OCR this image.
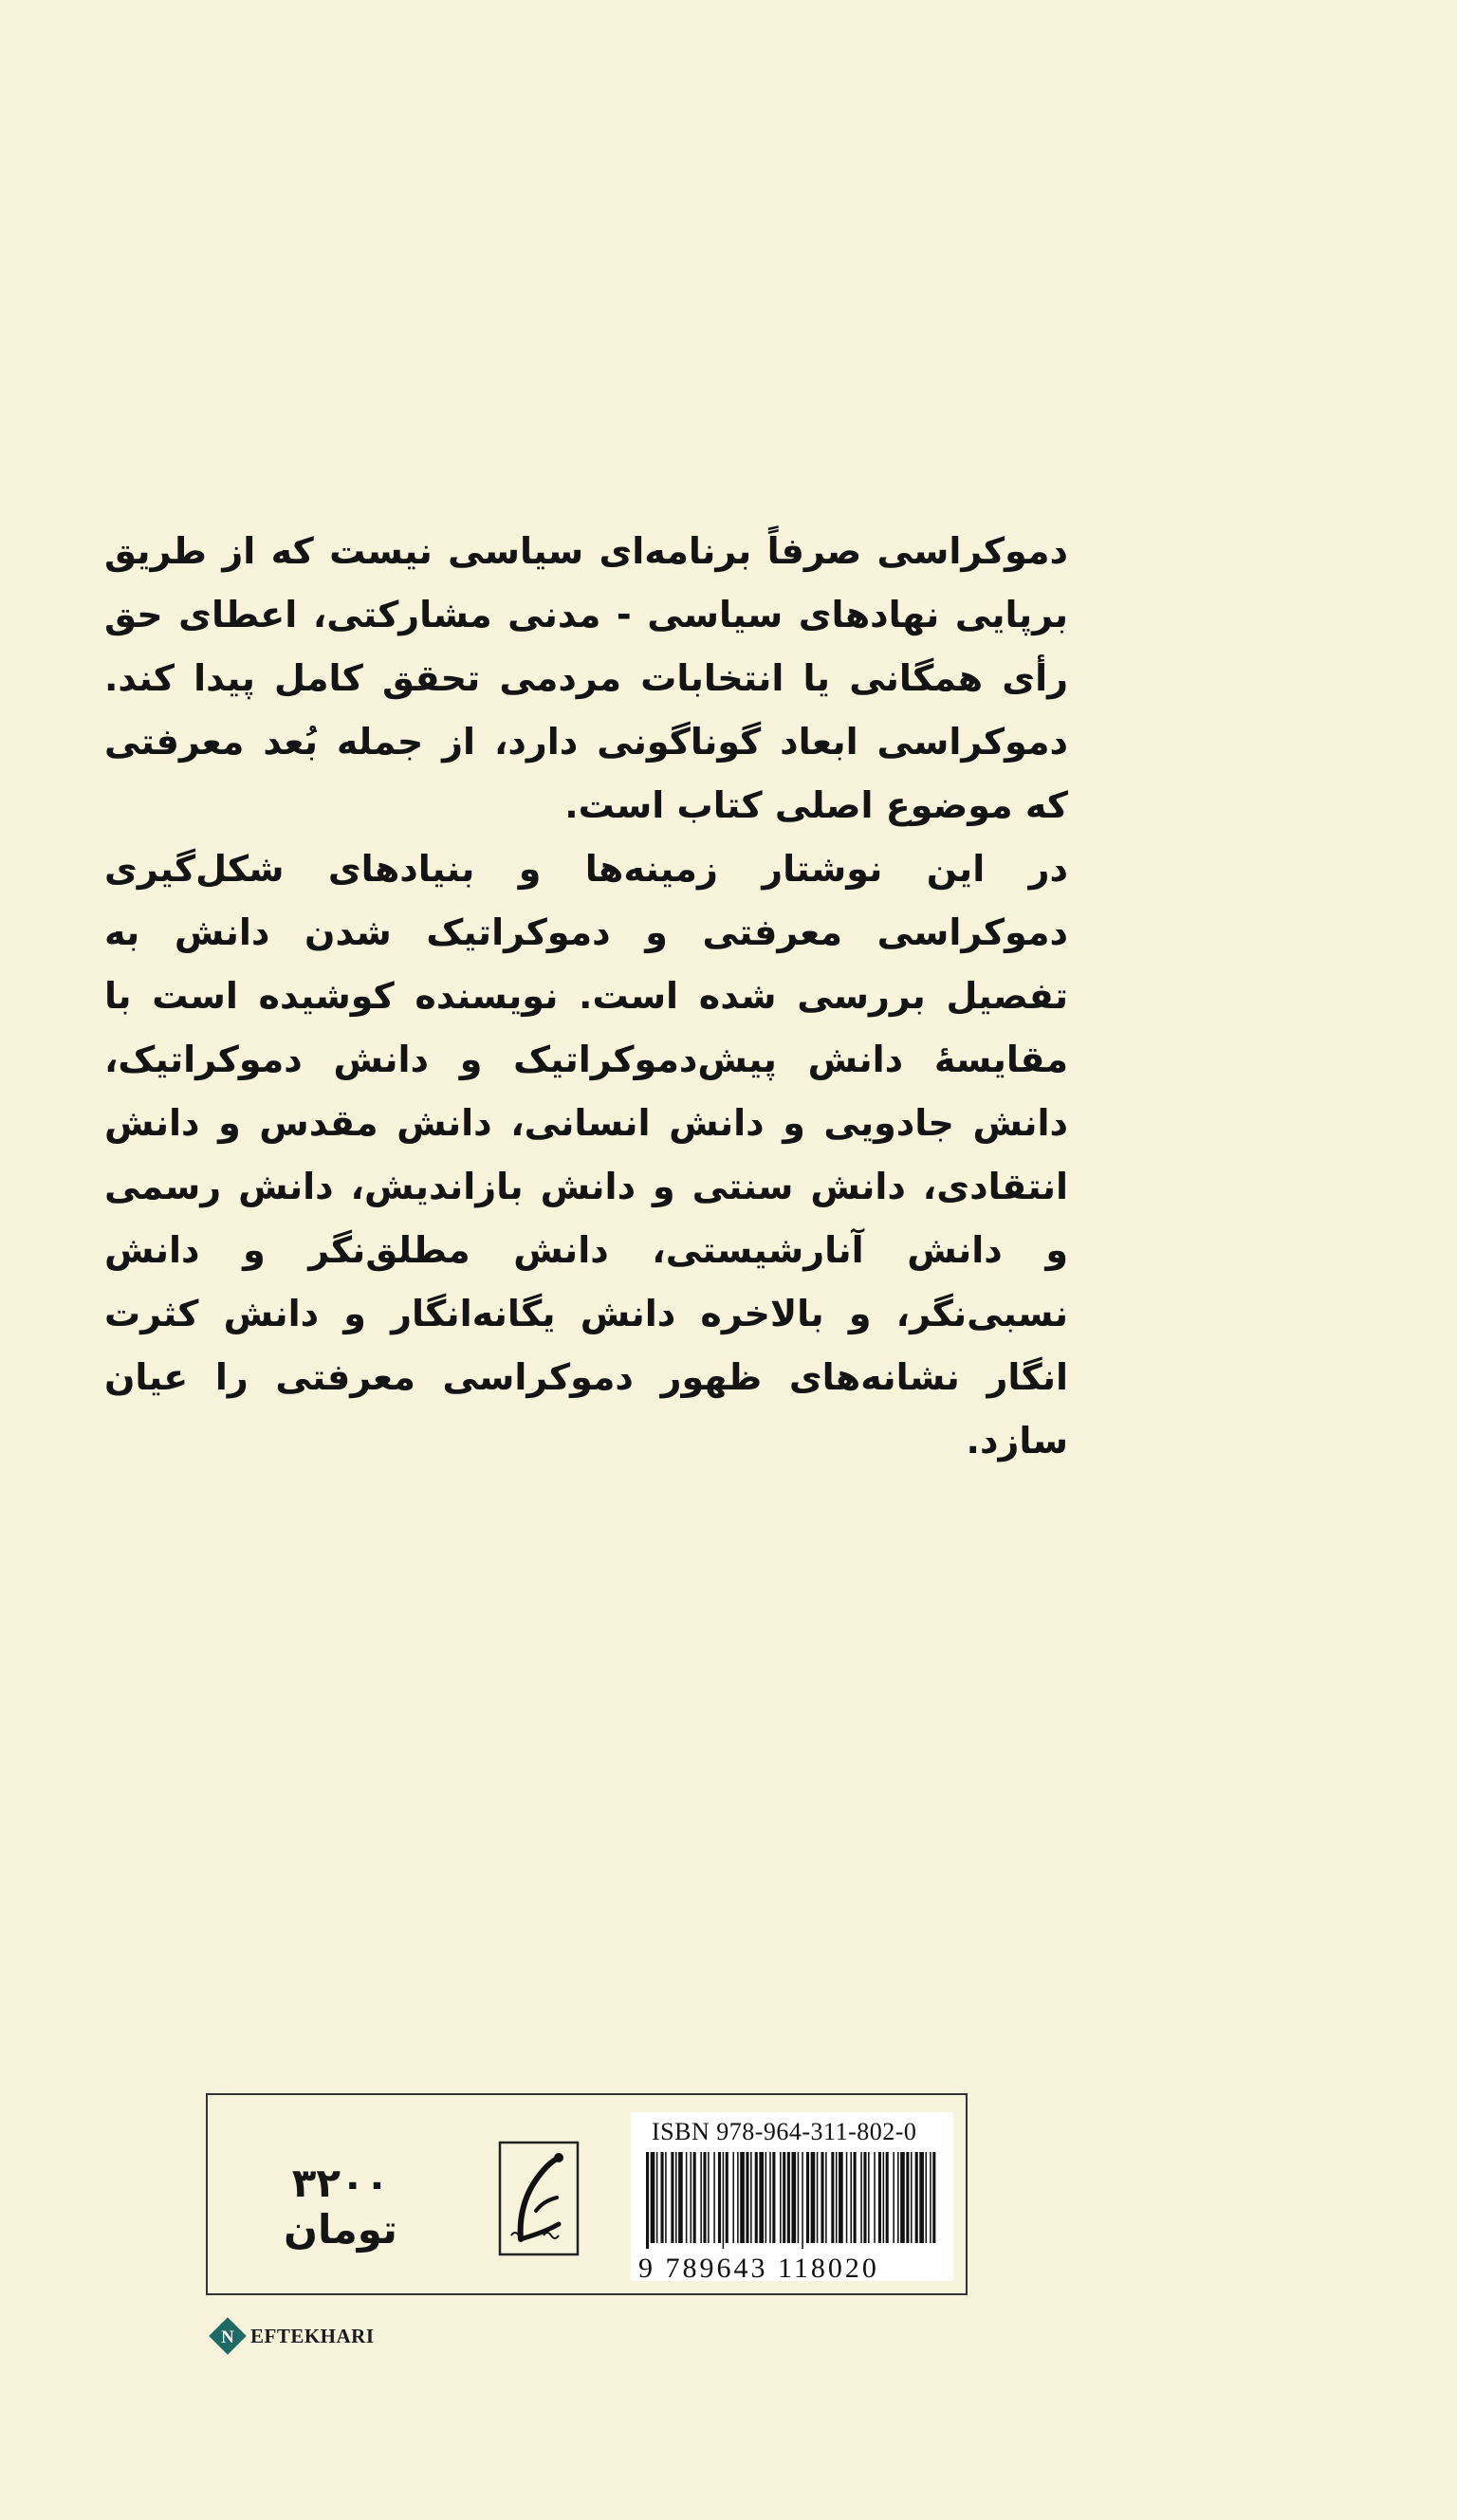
دموکراسی صرفاً برنامه‌ای سیاسی نیست که از طریق برپایی نهادهای سیاسی - مدنی مشارکتی، اعطای حق رأی همگانی یا انتخابات مردمی تحقق کامل پیدا کند. دموکراسی ابعاد گوناگونی دارد، از جمله بُعد معرفتی که موضوع اصلی کتاب است.

در این نوشتار زمینه‌ها و بنیادهای شکل‌گیری دموکراسی معرفتی و دموکراتیک شدن دانش به تفصیل بررسی شده است. نویسنده کوشیده است با مقایسهٔ دانش پیش‌دموکراتیک و دانش دموکراتیک، دانش جادویی و دانش انسانی، دانش مقدس و دانش انتقادی، دانش سنتی و دانش بازاندیش، دانش رسمی و دانش آنارشیستی، دانش مطلق‌نگر و دانش نسبی‌نگر، و بالاخره دانش یگانه‌انگار و دانش کثرت انگار نشانه‌های ظهور دموکراسی معرفتی را عیان سازد.

ISBN 978-964-311-802-0
9 789643 118020
۳۲۰۰ تومان
N EFTEKHARI
